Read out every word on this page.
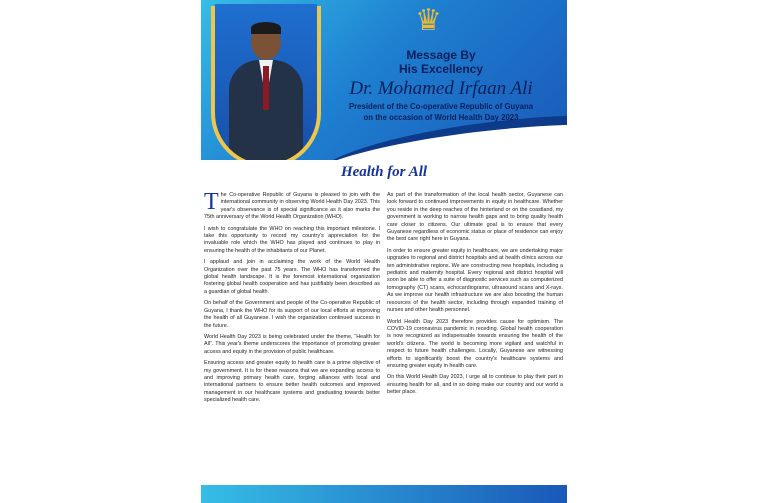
♛
Message By
His Excellency
Dr. Mohamed Irfaan Ali
President of the Co-operative Republic of Guyana
on the occasion of World Health Day 2023
Health for All

The Co-operative Republic of Guyana is pleased to join with the international community in observing World Health Day 2023. This year's observance is of special significance as it also marks the 75th anniversary of the World Health Organization (WHO).

I wish to congratulate the WHO on reaching this important milestone. I take this opportunity to record my country's appreciation for the invaluable role which the WHO has played and continues to play in ensuring the health of the inhabitants of our Planet.

I applaud and join in acclaiming the work of the World Health Organization over the past 75 years. The WHO has transformed the global health landscape. It is the foremost international organization fostering global health cooperation and has justifiably been described as a guardian of global health.

On behalf of the Government and people of the Co-operative Republic of Guyana, I thank the WHO for its support of our local efforts at improving the health of all Guyanese. I wish the organization continued success in the future.

World Health Day 2023 is being celebrated under the theme, “Health for All”. This year's theme underscores the importance of promoting greater access and equity in the provision of public healthcare.

Ensuring access and greater equity to health care is a prime objective of my government. It is for these reasons that we are expanding access to and improving primary health care, forging alliances with local and international partners to ensure better health outcomes and improved management in our healthcare systems and graduating towards better specialized health care.

As part of the transformation of the local health sector, Guyanese can look forward to continued improvements in equity in healthcare. Whether you reside in the deep reaches of the hinterland or on the coastland, my government is working to narrow health gaps and to bring quality health care closer to citizens. Our ultimate goal is to ensure that every Guyanese regardless of economic status or place of residence can enjoy the best care right here in Guyana.

In order to ensure greater equity in healthcare, we are undertaking major upgrades to regional and district hospitals and at health clinics across our ten administrative regions. We are constructing new hospitals, including a pediatric and maternity hospital. Every regional and district hospital will soon be able to offer a suite of diagnostic services such as computerized tomography (CT) scans, echocardiograms, ultrasound scans and X-rays. As we improve our health infrastructure we are also boosting the human resources of the health sector, including through expanded training of nurses and other health personnel.

World Health Day 2023 therefore provides cause for optimism. The COVID-19 coronavirus pandemic in receding. Global health cooperation is now recognized as indispensable towards ensuring the health of the world's citizens. The world is becoming more vigilant and watchful in respect to future health challenges. Locally, Guyanese are witnessing efforts to significantly boost the country's healthcare systems and ensuring greater equity in health care.

On this World Health Day 2023, I urge all to continue to play their part in ensuring health for all, and in so doing make our country and our world a better place.
